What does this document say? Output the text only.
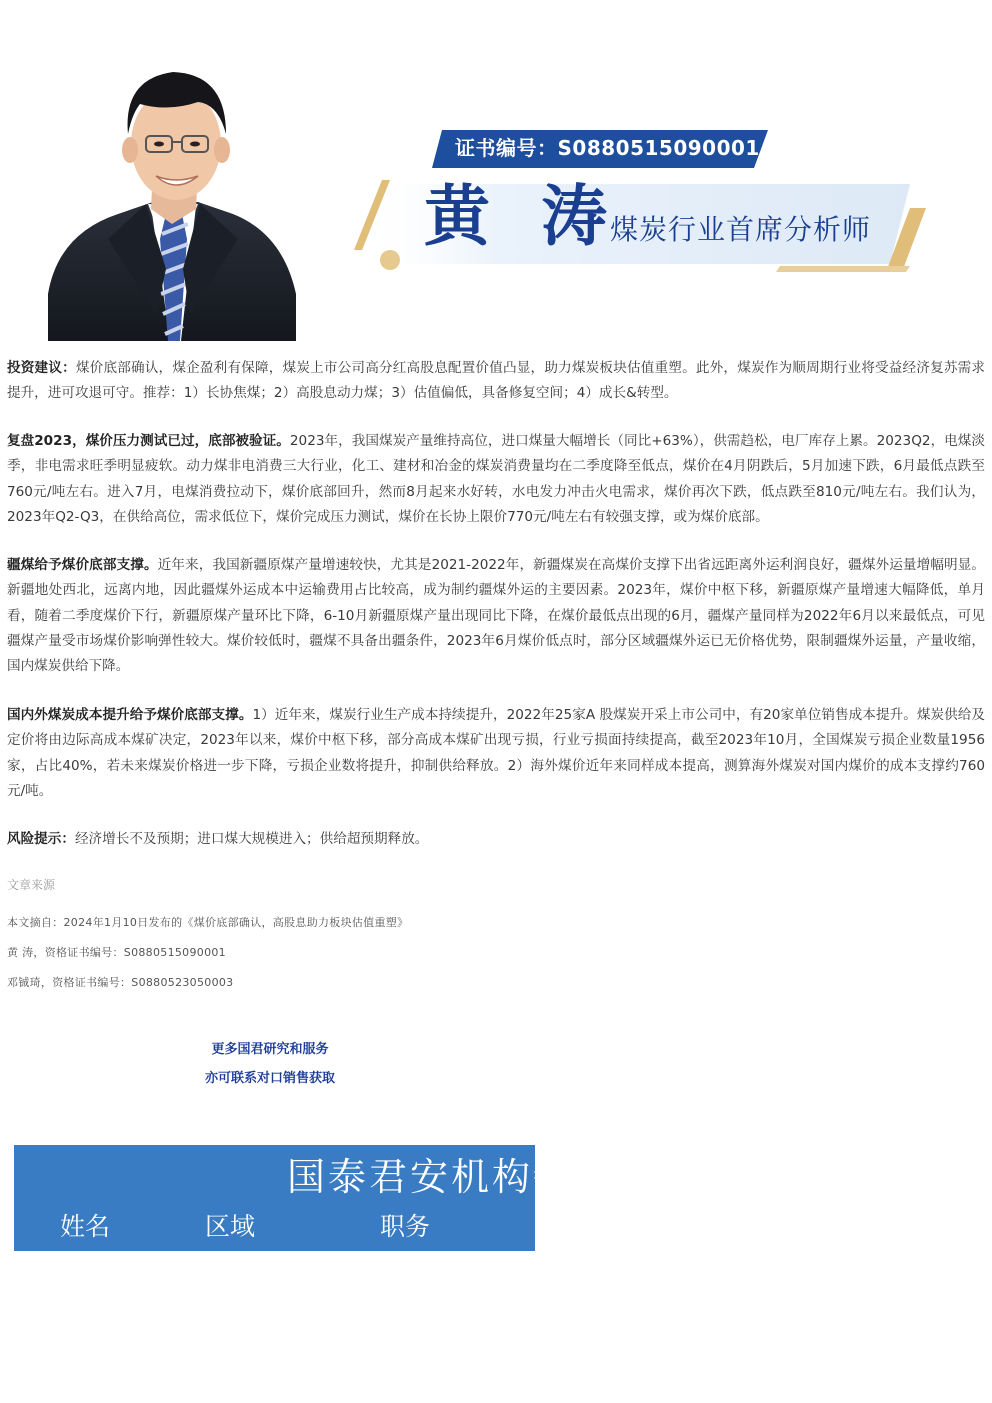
证书编号：S0880515090001
黄 涛
煤炭行业首席分析师

投资建议：煤价底部确认，煤企盈利有保障，煤炭上市公司高分红高股息配置价值凸显，助力煤炭板块估值重塑。此外，煤炭作为顺周期行业将受益经济复苏需求提升，进可攻退可守。推荐：1）长协焦煤；2）高股息动力煤；3）估值偏低，具备修复空间；4）成长&转型。

复盘2023，煤价压力测试已过，底部被验证。2023年，我国煤炭产量维持高位，进口煤量大幅增长（同比+63%），供需趋松，电厂库存上累。2023Q2，电煤淡季，非电需求旺季明显疲软。动力煤非电消费三大行业，化工、建材和冶金的煤炭消费量均在二季度降至低点，煤价在4月阴跌后，5月加速下跌，6月最低点跌至760元/吨左右。进入7月，电煤消费拉动下，煤价底部回升，然而8月起来水好转，水电发力冲击火电需求，煤价再次下跌，低点跌至810元/吨左右。我们认为，2023年Q2-Q3，在供给高位，需求低位下，煤价完成压力测试，煤价在长协上限价770元/吨左右有较强支撑，或为煤价底部。

疆煤给予煤价底部支撑。近年来，我国新疆原煤产量增速较快，尤其是2021-2022年，新疆煤炭在高煤价支撑下出省远距离外运利润良好，疆煤外运量增幅明显。新疆地处西北，远离内地，因此疆煤外运成本中运输费用占比较高，成为制约疆煤外运的主要因素。2023年，煤价中枢下移，新疆原煤产量增速大幅降低，单月看，随着二季度煤价下行，新疆原煤产量环比下降，6-10月新疆原煤产量出现同比下降，在煤价最低点出现的6月，疆煤产量同样为2022年6月以来最低点，可见疆煤产量受市场煤价影响弹性较大。煤价较低时，疆煤不具备出疆条件，2023年6月煤价低点时，部分区域疆煤外运已无价格优势，限制疆煤外运量，产量收缩，国内煤炭供给下降。

国内外煤炭成本提升给予煤价底部支撑。1）近年来，煤炭行业生产成本持续提升，2022年25家A 股煤炭开采上市公司中，有20家单位销售成本提升。煤炭供给及定价将由边际高成本煤矿决定，2023年以来，煤价中枢下移，部分高成本煤矿出现亏损，行业亏损面持续提高，截至2023年10月，全国煤炭亏损企业数量1956家，占比40%，若未来煤炭价格进一步下降，亏损企业数将提升，抑制供给释放。2）海外煤价近年来同样成本提高，测算海外煤炭对国内煤价的成本支撑约760元/吨。

风险提示：经济增长不及预期；进口煤大规模进入；供给超预期释放。

文章来源
本文摘自：2024年1月10日发布的《煤价底部确认，高股息助力板块估值重塑》
黄 涛，资格证书编号：S0880515090001
邓铖琦，资格证书编号：S0880523050003
更多国君研究和服务
亦可联系对口销售获取
国泰君安机构销售
姓名	区域	职务
